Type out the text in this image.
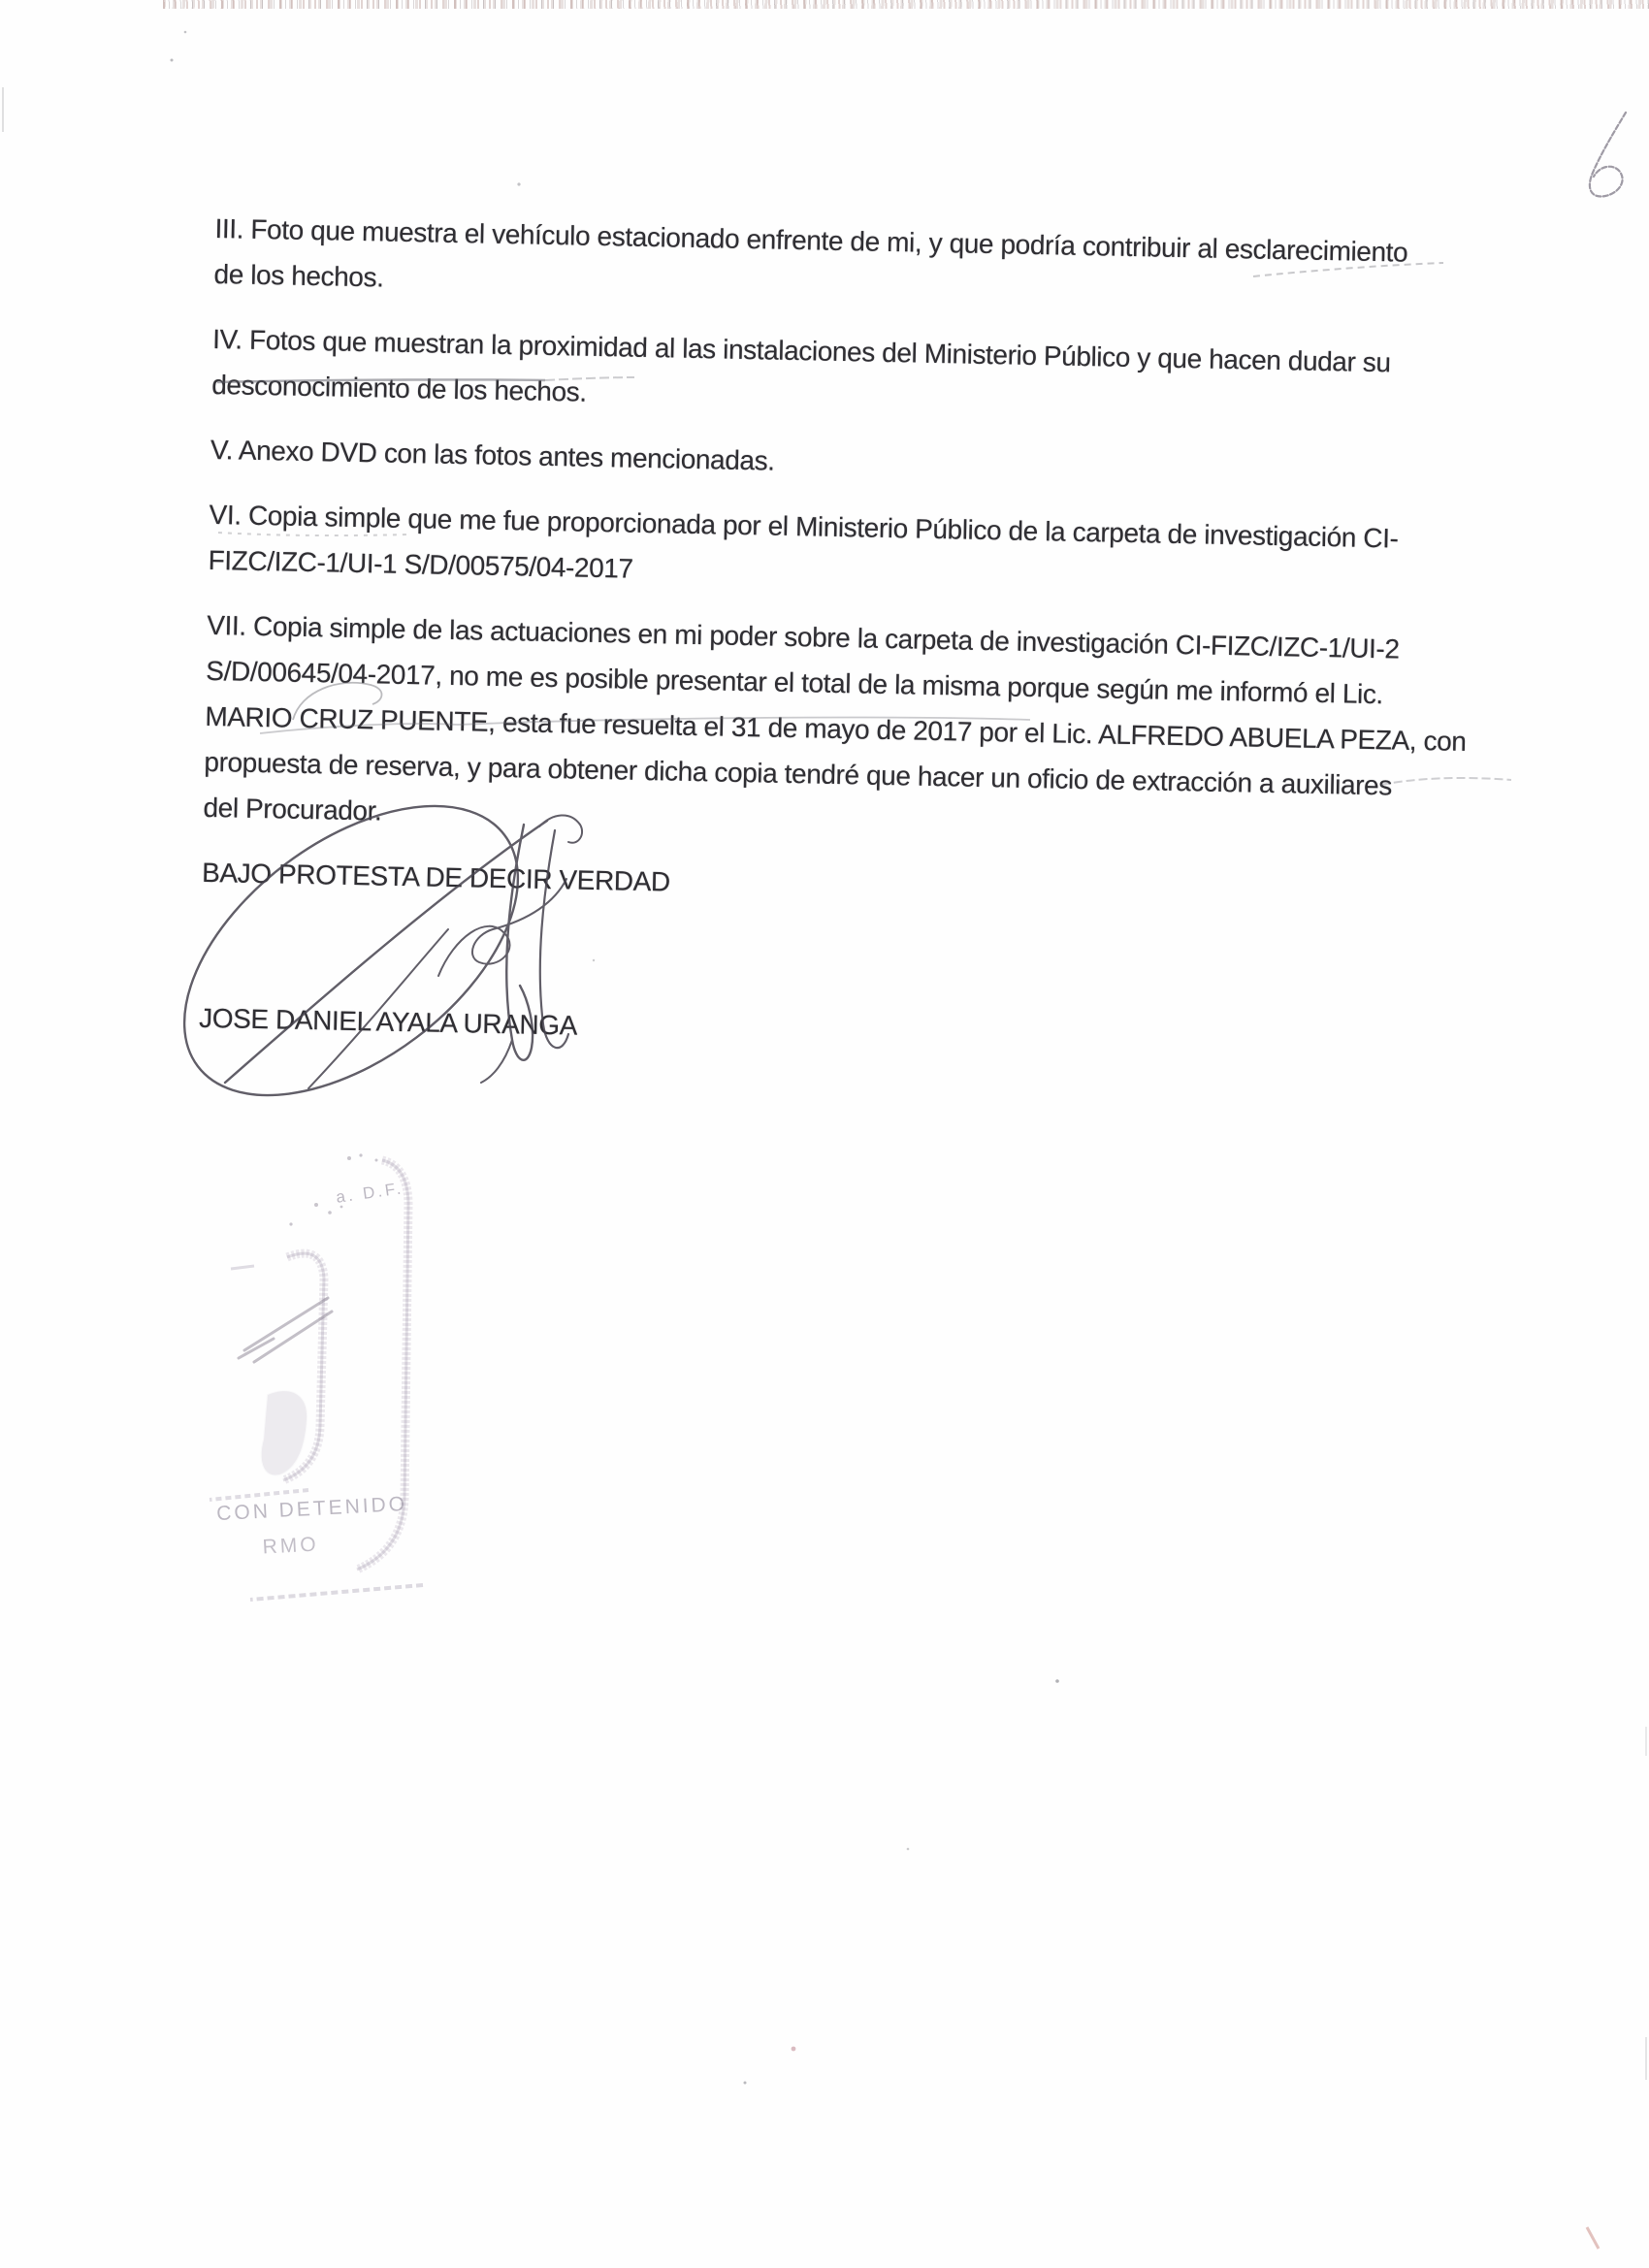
III. Foto que muestra el vehículo estacionado enfrente de mi, y que podría contribuir al esclarecimiento
de los hechos.

IV. Fotos que muestran la proximidad al las instalaciones del Ministerio Público y que hacen dudar su
desconocimiento de los hechos.

V. Anexo DVD con las fotos antes mencionadas.

VI. Copia simple que me fue proporcionada por el Ministerio Público de la carpeta de investigación CI-
FIZC/IZC-1/UI-1 S/D/00575/04-2017

VII. Copia simple de las actuaciones en mi poder sobre la carpeta de investigación CI-FIZC/IZC-1/UI-2
S/D/00645/04-2017, no me es posible presentar el total de la misma porque según me informó el Lic.
MARIO CRUZ PUENTE, esta fue resuelta el 31 de mayo de 2017 por el Lic. ALFREDO ABUELA PEZA, con
propuesta de reserva, y para obtener dicha copia tendré que hacer un oficio de extracción a auxiliares
del Procurador.

BAJO PROTESTA DE DECIR VERDAD

JOSE DANIEL AYALA URANGA

a. D.F.
CON DETENIDO
RMO
